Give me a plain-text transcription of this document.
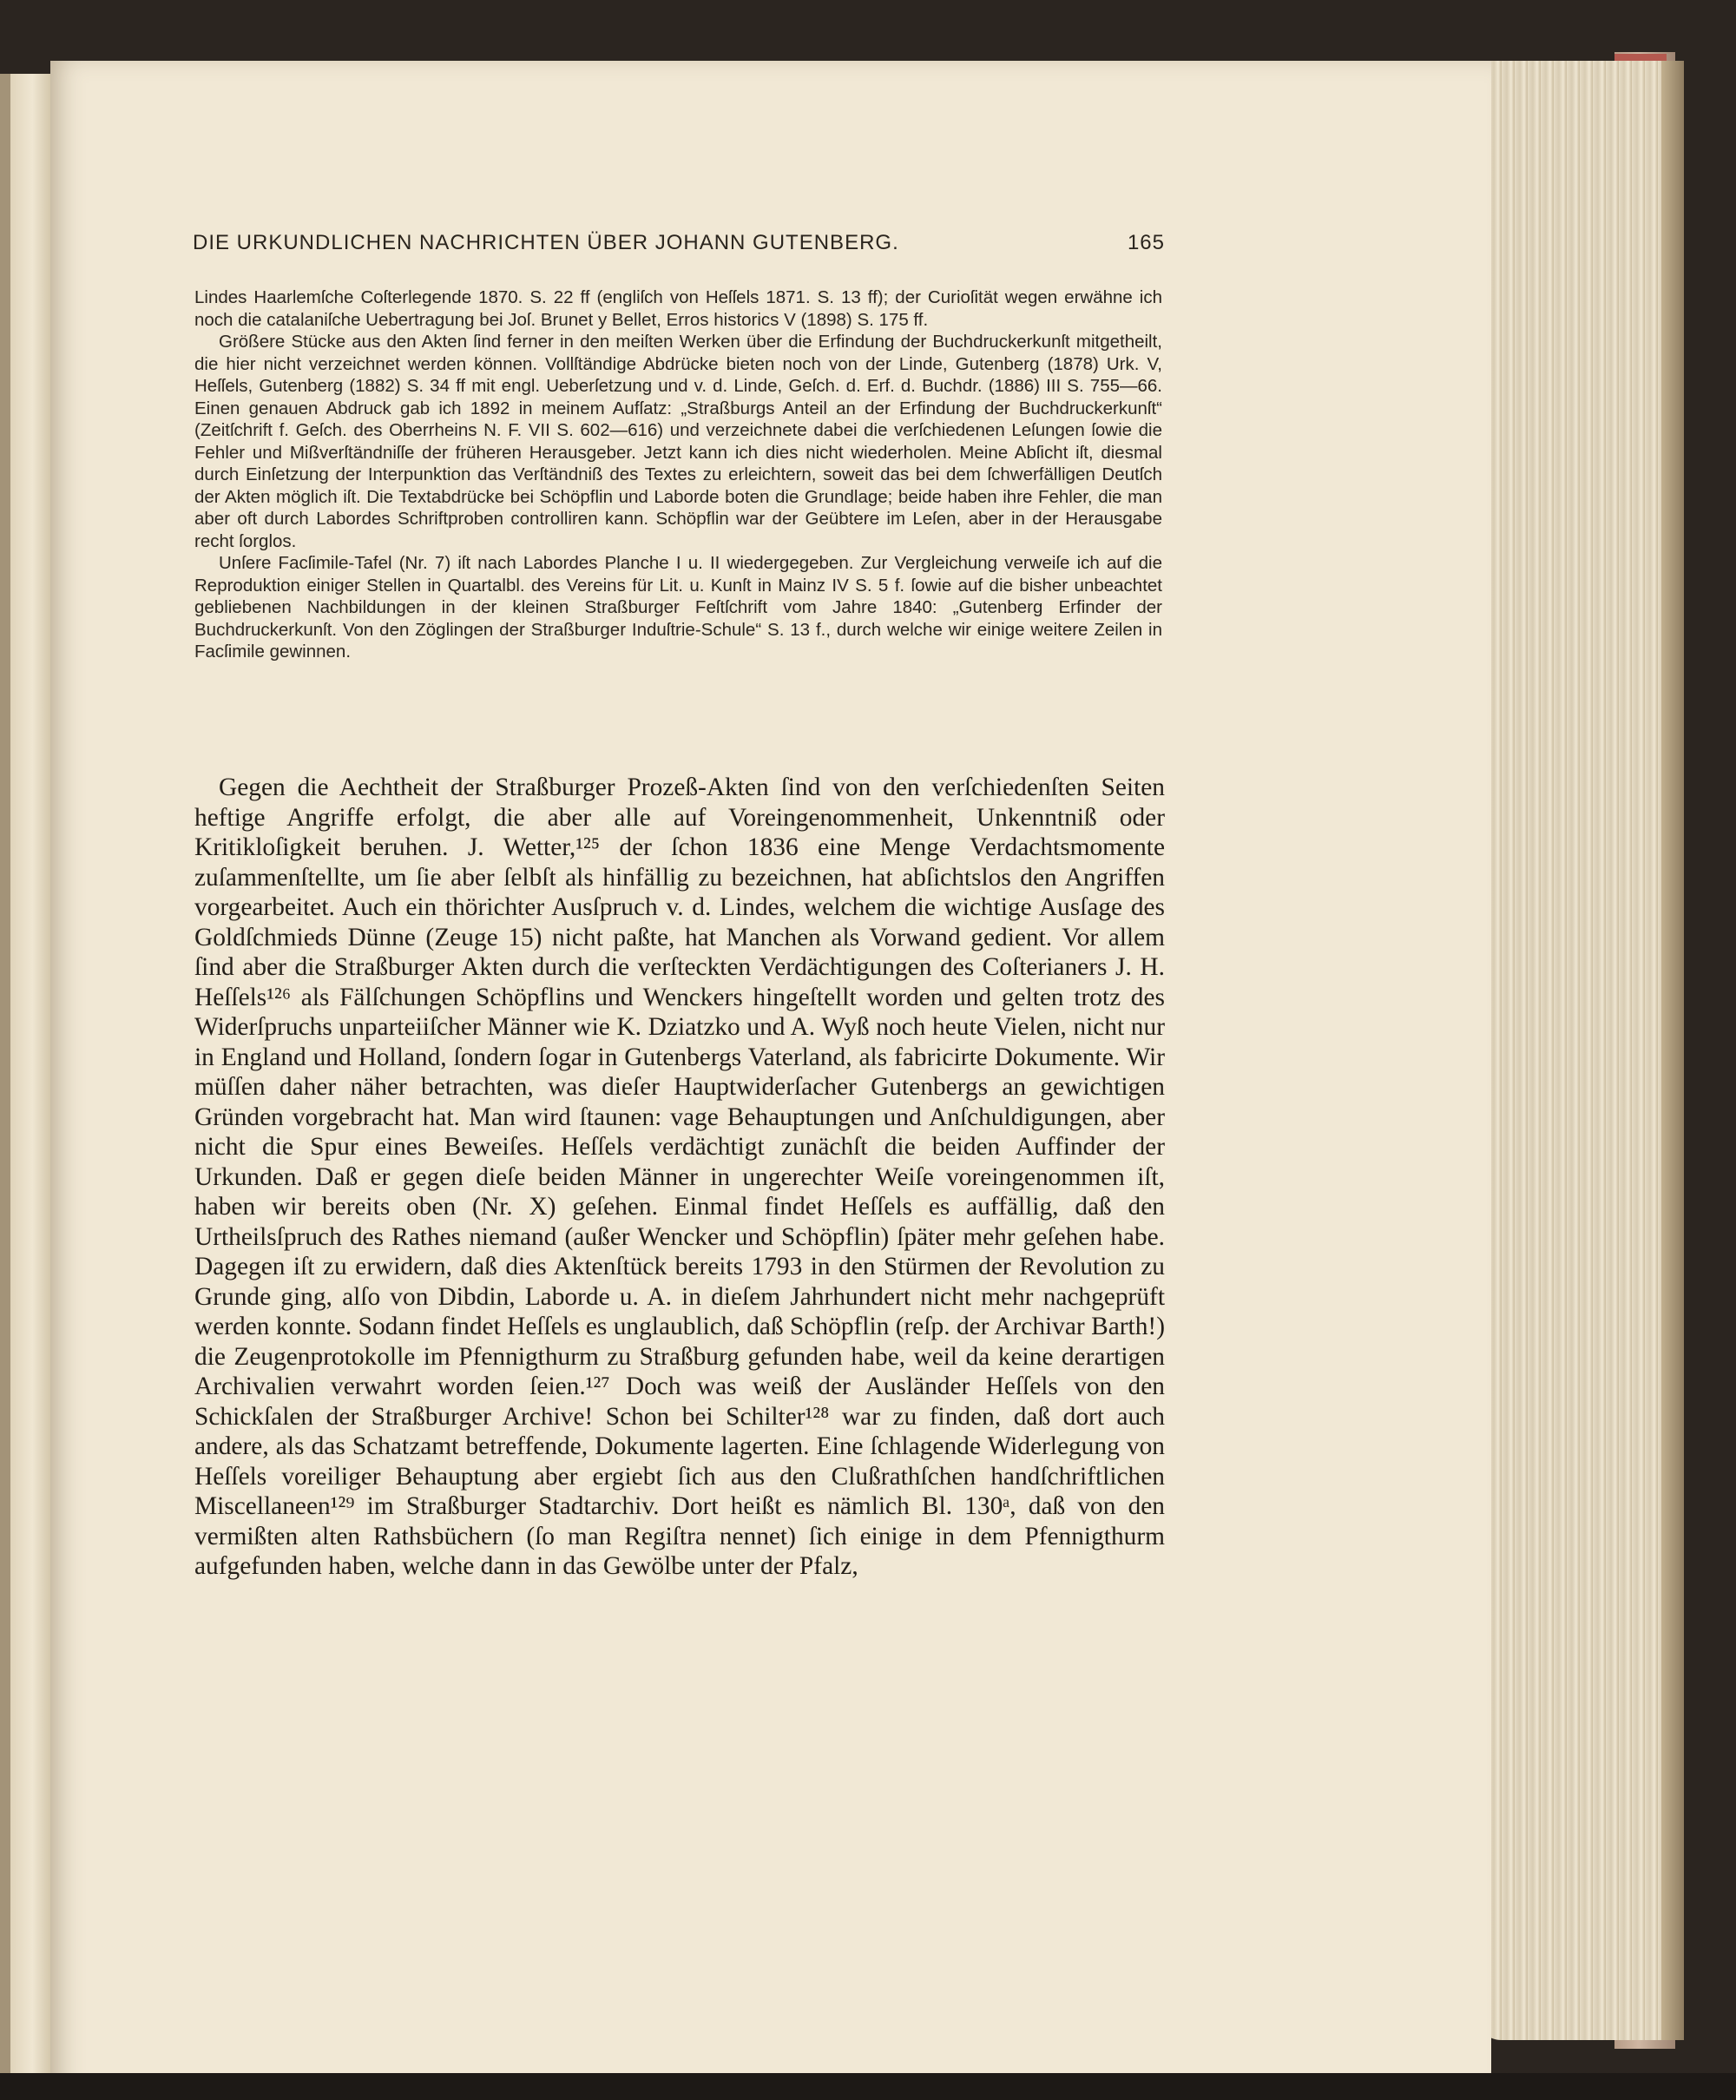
DIE URKUNDLICHEN NACHRICHTEN ÜBER JOHANN GUTENBERG.	165

Lindes Haarlemſche Coſterlegende 1870. S. 22 ff (engliſch von Heſſels 1871. S. 13 ff); der Curioſität wegen erwähne ich noch die catalaniſche Uebertragung bei Joſ. Brunet y Bellet, Erros historics V (1898) S. 175 ff.

Größere Stücke aus den Akten ſind ferner in den meiſten Werken über die Erfindung der Buchdruckerkunſt mitgetheilt, die hier nicht verzeichnet werden können. Vollſtändige Abdrücke bieten noch von der Linde, Gutenberg (1878) Urk. V, Heſſels, Gutenberg (1882) S. 34 ff mit engl. Ueberſetzung und v. d. Linde, Geſch. d. Erf. d. Buchdr. (1886) III S. 755—66. Einen genauen Abdruck gab ich 1892 in meinem Aufſatz: „Straßburgs Anteil an der Erfindung der Buchdruckerkunſt“ (Zeitſchrift f. Geſch. des Oberrheins N. F. VII S. 602—616) und verzeichnete dabei die verſchiedenen Leſungen ſowie die Fehler und Mißverſtändniſſe der früheren Herausgeber. Jetzt kann ich dies nicht wiederholen. Meine Abſicht iſt, diesmal durch Einſetzung der Interpunktion das Verſtändniß des Textes zu erleichtern, soweit das bei dem ſchwerfälligen Deutſch der Akten möglich iſt. Die Textabdrücke bei Schöpflin und Laborde boten die Grundlage; beide haben ihre Fehler, die man aber oft durch Labordes Schriftproben controlliren kann. Schöpflin war der Geübtere im Leſen, aber in der Herausgabe recht ſorglos.

Unſere Facſimile-Tafel (Nr. 7) iſt nach Labordes Planche I u. II wiedergegeben. Zur Vergleichung verweiſe ich auf die Reproduktion einiger Stellen in Quartalbl. des Vereins für Lit. u. Kunſt in Mainz IV S. 5 f. ſowie auf die bisher unbeachtet gebliebenen Nachbildungen in der kleinen Straßburger Feſtſchrift vom Jahre 1840: „Gutenberg Erfinder der Buchdruckerkunſt. Von den Zöglingen der Straßburger Induſtrie-Schule“ S. 13 f., durch welche wir einige weitere Zeilen in Facſimile gewinnen.

Gegen die Aechtheit der Straßburger Prozeß-Akten ſind von den verſchiedenſten Seiten heftige Angriffe erfolgt, die aber alle auf Voreingenommenheit, Unkenntniß oder Kritikloſigkeit beruhen. J. Wetter,¹²⁵ der ſchon 1836 eine Menge Verdachtsmomente zuſammenſtellte, um ſie aber ſelbſt als hinfällig zu bezeichnen, hat abſichtslos den Angriffen vorgearbeitet. Auch ein thörichter Ausſpruch v. d. Lindes, welchem die wichtige Ausſage des Goldſchmieds Dünne (Zeuge 15) nicht paßte, hat Manchen als Vorwand gedient. Vor allem ſind aber die Straßburger Akten durch die verſteckten Verdächtigungen des Coſterianers J. H. Heſſels¹²⁶ als Fälſchungen Schöpflins und Wenckers hingeſtellt worden und gelten trotz des Widerſpruchs unparteiiſcher Männer wie K. Dziatzko und A. Wyß noch heute Vielen, nicht nur in England und Holland, ſondern ſogar in Gutenbergs Vaterland, als fabricirte Dokumente. Wir müſſen daher näher betrachten, was dieſer Hauptwiderſacher Gutenbergs an gewichtigen Gründen vorgebracht hat. Man wird ſtaunen: vage Behauptungen und Anſchuldigungen, aber nicht die Spur eines Beweiſes. Heſſels verdächtigt zunächſt die beiden Auffinder der Urkunden. Daß er gegen dieſe beiden Männer in ungerechter Weiſe voreingenommen iſt, haben wir bereits oben (Nr. X) geſehen. Einmal findet Heſſels es auffällig, daß den Urtheilsſpruch des Rathes niemand (außer Wencker und Schöpflin) ſpäter mehr geſehen habe. Dagegen iſt zu erwidern, daß dies Aktenſtück bereits 1793 in den Stürmen der Revolution zu Grunde ging, alſo von Dibdin, Laborde u. A. in dieſem Jahrhundert nicht mehr nachgeprüft werden konnte. Sodann findet Heſſels es unglaublich, daß Schöpflin (reſp. der Archivar Barth!) die Zeugenprotokolle im Pfennigthurm zu Straßburg gefunden habe, weil da keine derartigen Archivalien verwahrt worden ſeien.¹²⁷ Doch was weiß der Ausländer Heſſels von den Schickſalen der Straßburger Archive! Schon bei Schilter¹²⁸ war zu finden, daß dort auch andere, als das Schatzamt betreffende, Dokumente lagerten. Eine ſchlagende Widerlegung von Heſſels voreiliger Behauptung aber ergiebt ſich aus den Clußrathſchen handſchriftlichen Miscellaneen¹²⁹ im Straßburger Stadtarchiv. Dort heißt es nämlich Bl. 130ᵃ, daß von den vermißten alten Rathsbüchern (ſo man Regiſtra nennet) ſich einige in dem Pfennigthurm aufgefunden haben, welche dann in das Gewölbe unter der Pfalz,
